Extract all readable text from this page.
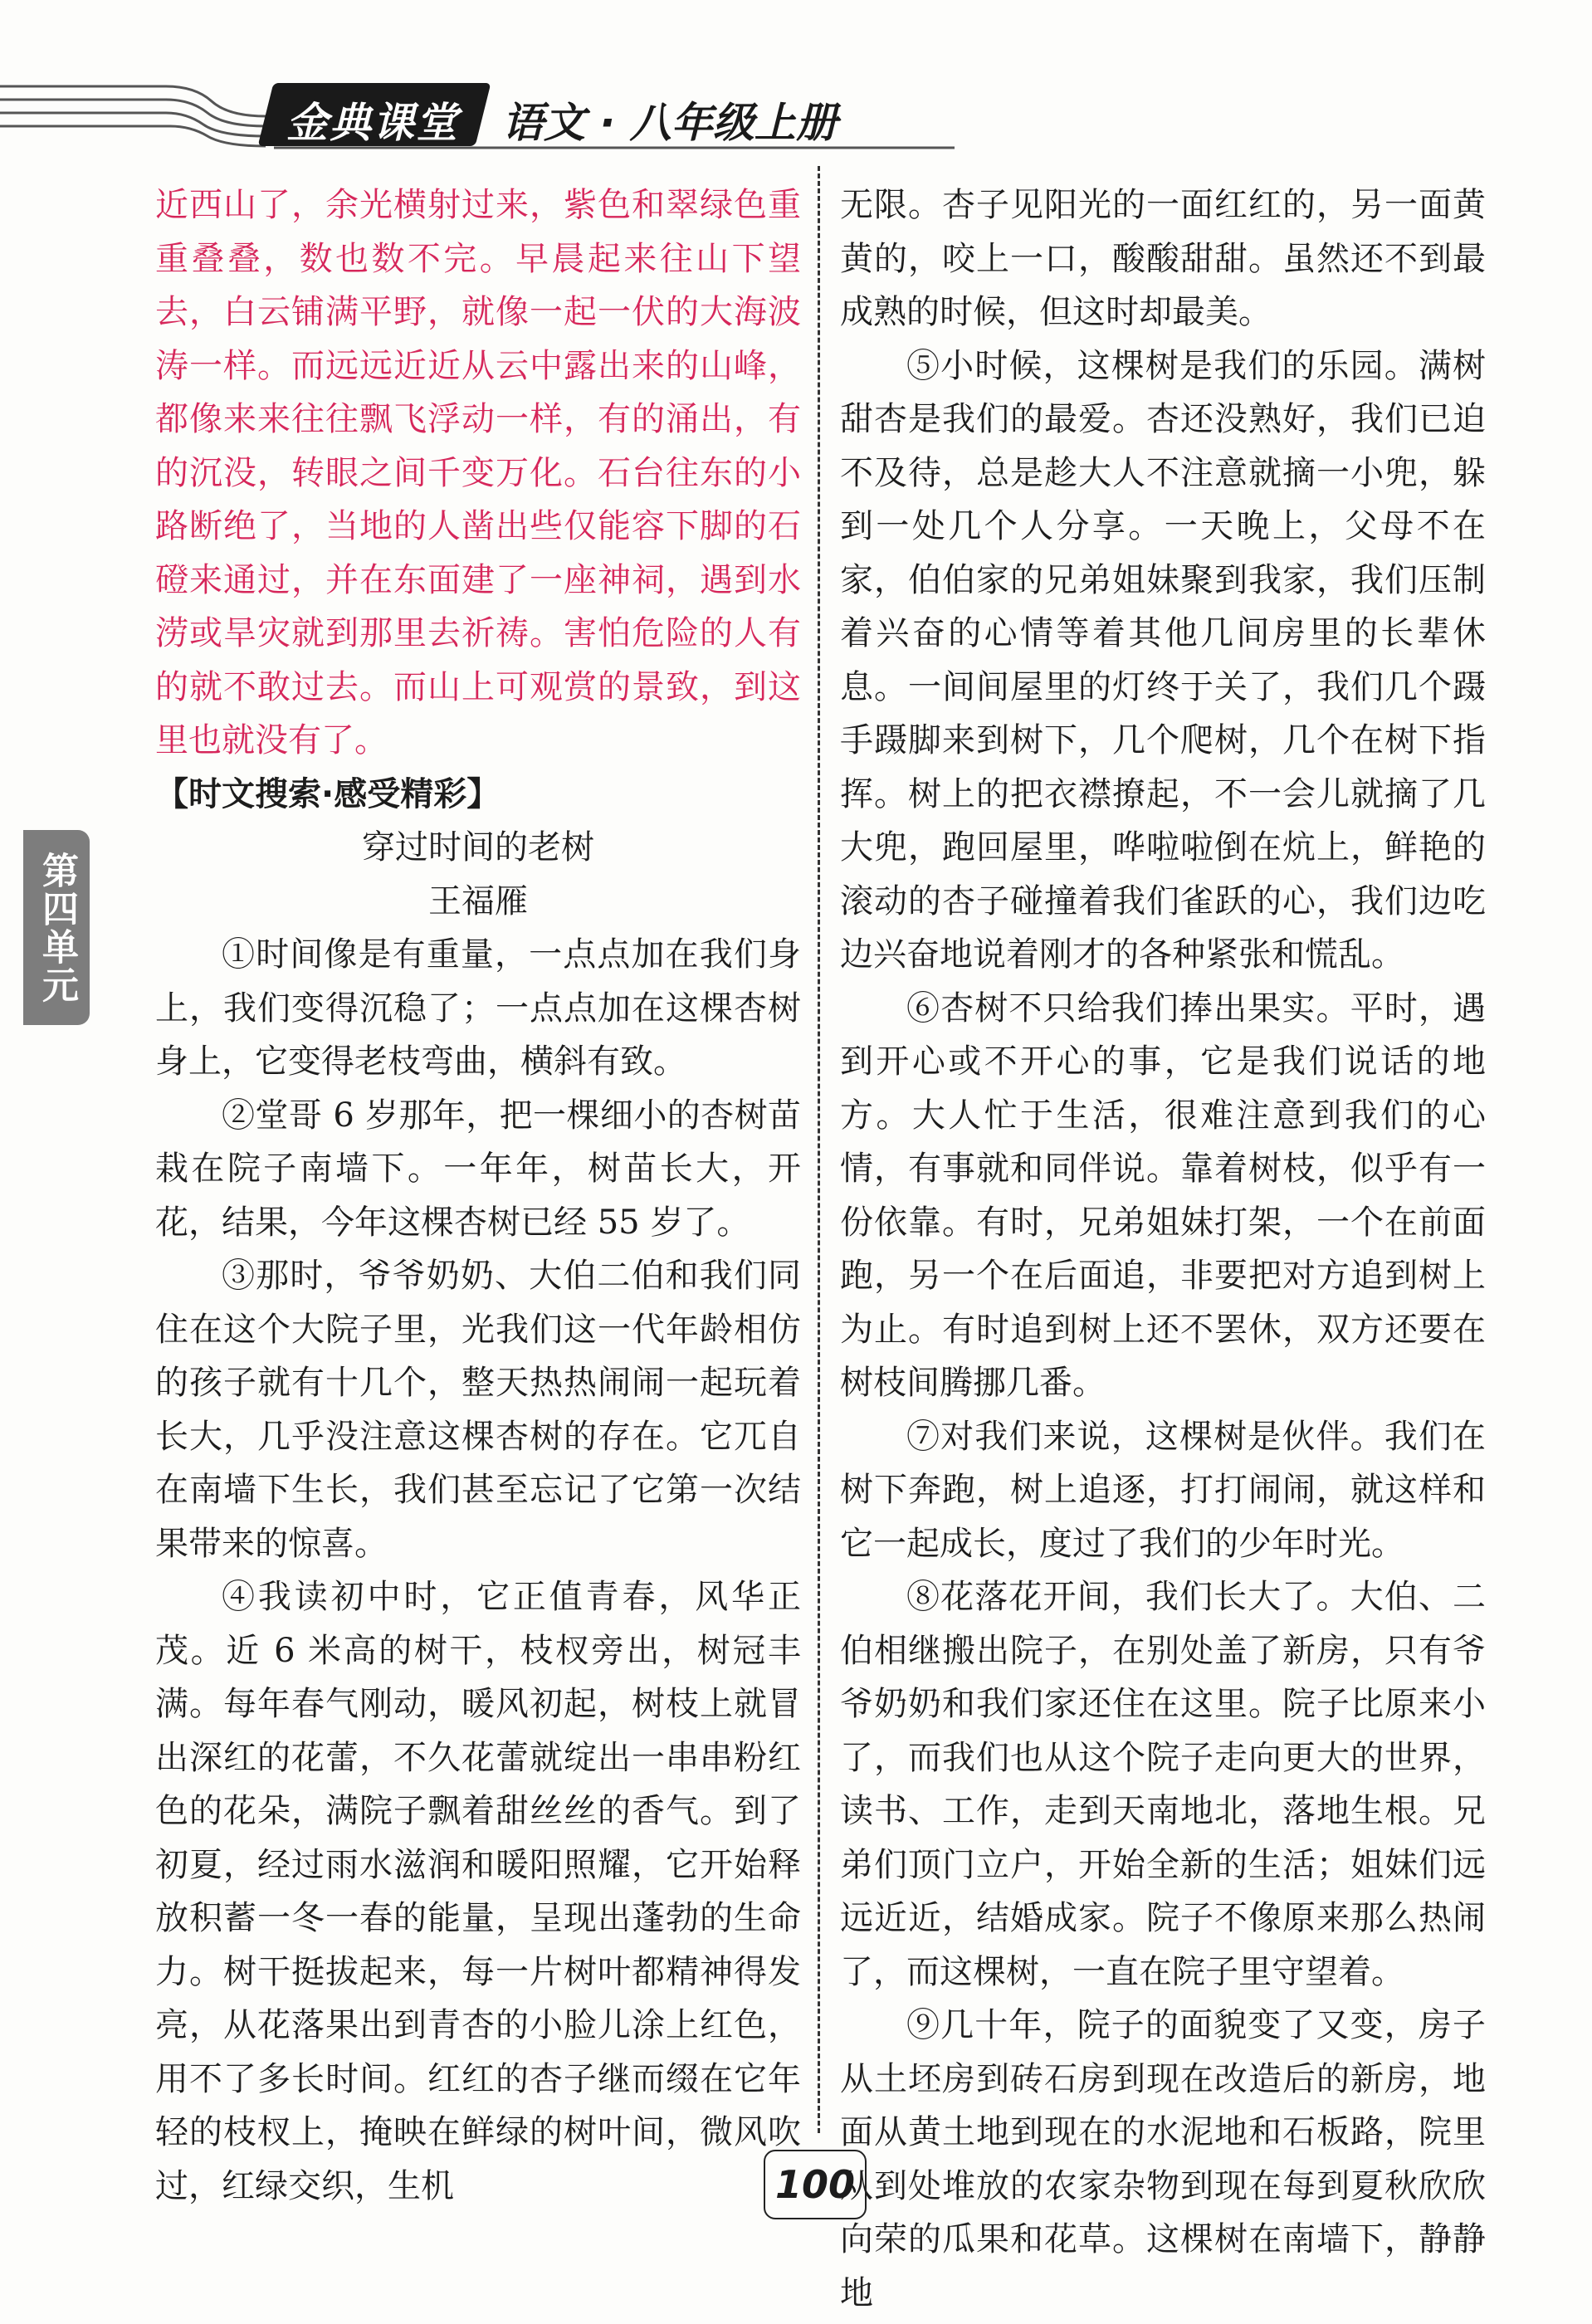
金典课堂 语文 · 八年级上册

近西山了，余光横射过来，紫色和翠绿色重重叠叠，数也数不完。早晨起来往山下望去，白云铺满平野，就像一起一伏的大海波涛一样。而远远近近从云中露出来的山峰，都像来来往往飘飞浮动一样，有的涌出，有的沉没，转眼之间千变万化。石台往东的小路断绝了，当地的人凿出些仅能容下脚的石磴来通过，并在东面建了一座神祠，遇到水涝或旱灾就到那里去祈祷。害怕危险的人有的就不敢过去。而山上可观赏的景致，到这里也就没有了。

【时文搜索·感受精彩】

穿过时间的老树

王福雁

①时间像是有重量，一点点加在我们身上，我们变得沉稳了；一点点加在这棵杏树身上，它变得老枝弯曲，横斜有致。

②堂哥 6 岁那年，把一棵细小的杏树苗栽在院子南墙下。一年年，树苗长大，开花，结果，今年这棵杏树已经 55 岁了。

③那时，爷爷奶奶、大伯二伯和我们同住在这个大院子里，光我们这一代年龄相仿的孩子就有十几个，整天热热闹闹一起玩着长大，几乎没注意这棵杏树的存在。它兀自在南墙下生长，我们甚至忘记了它第一次结果带来的惊喜。

④我读初中时，它正值青春，风华正茂。近 6 米高的树干，枝杈旁出，树冠丰满。每年春气刚动，暖风初起，树枝上就冒出深红的花蕾，不久花蕾就绽出一串串粉红色的花朵，满院子飘着甜丝丝的香气。到了初夏，经过雨水滋润和暖阳照耀，它开始释放积蓄一冬一春的能量，呈现出蓬勃的生命力。树干挺拔起来，每一片树叶都精神得发亮，从花落果出到青杏的小脸儿涂上红色，用不了多长时间。红红的杏子继而缀在它年轻的枝杈上，掩映在鲜绿的树叶间，微风吹过，红绿交织，生机

无限。杏子见阳光的一面红红的，另一面黄黄的，咬上一口，酸酸甜甜。虽然还不到最成熟的时候，但这时却最美。

⑤小时候，这棵树是我们的乐园。满树甜杏是我们的最爱。杏还没熟好，我们已迫不及待，总是趁大人不注意就摘一小兜，躲到一处几个人分享。一天晚上，父母不在家，伯伯家的兄弟姐妹聚到我家，我们压制着兴奋的心情等着其他几间房里的长辈休息。一间间屋里的灯终于关了，我们几个蹑手蹑脚来到树下，几个爬树，几个在树下指挥。树上的把衣襟撩起，不一会儿就摘了几大兜，跑回屋里，哗啦啦倒在炕上，鲜艳的滚动的杏子碰撞着我们雀跃的心，我们边吃边兴奋地说着刚才的各种紧张和慌乱。

⑥杏树不只给我们捧出果实。平时，遇到开心或不开心的事，它是我们说话的地方。大人忙于生活，很难注意到我们的心情，有事就和同伴说。靠着树枝，似乎有一份依靠。有时，兄弟姐妹打架，一个在前面跑，另一个在后面追，非要把对方追到树上为止。有时追到树上还不罢休，双方还要在树枝间腾挪几番。

⑦对我们来说，这棵树是伙伴。我们在树下奔跑，树上追逐，打打闹闹，就这样和它一起成长，度过了我们的少年时光。

⑧花落花开间，我们长大了。大伯、二伯相继搬出院子，在别处盖了新房，只有爷爷奶奶和我们家还住在这里。院子比原来小了，而我们也从这个院子走向更大的世界，读书、工作，走到天南地北，落地生根。兄弟们顶门立户，开始全新的生活；姐妹们远远近近，结婚成家。院子不像原来那么热闹了，而这棵树，一直在院子里守望着。

⑨几十年，院子的面貌变了又变，房子从土坯房到砖石房到现在改造后的新房，地面从黄土地到现在的水泥地和石板路，院里从到处堆放的农家杂物到现在每到夏秋欣欣向荣的瓜果和花草。这棵树在南墙下，静静地

第四单元
100
